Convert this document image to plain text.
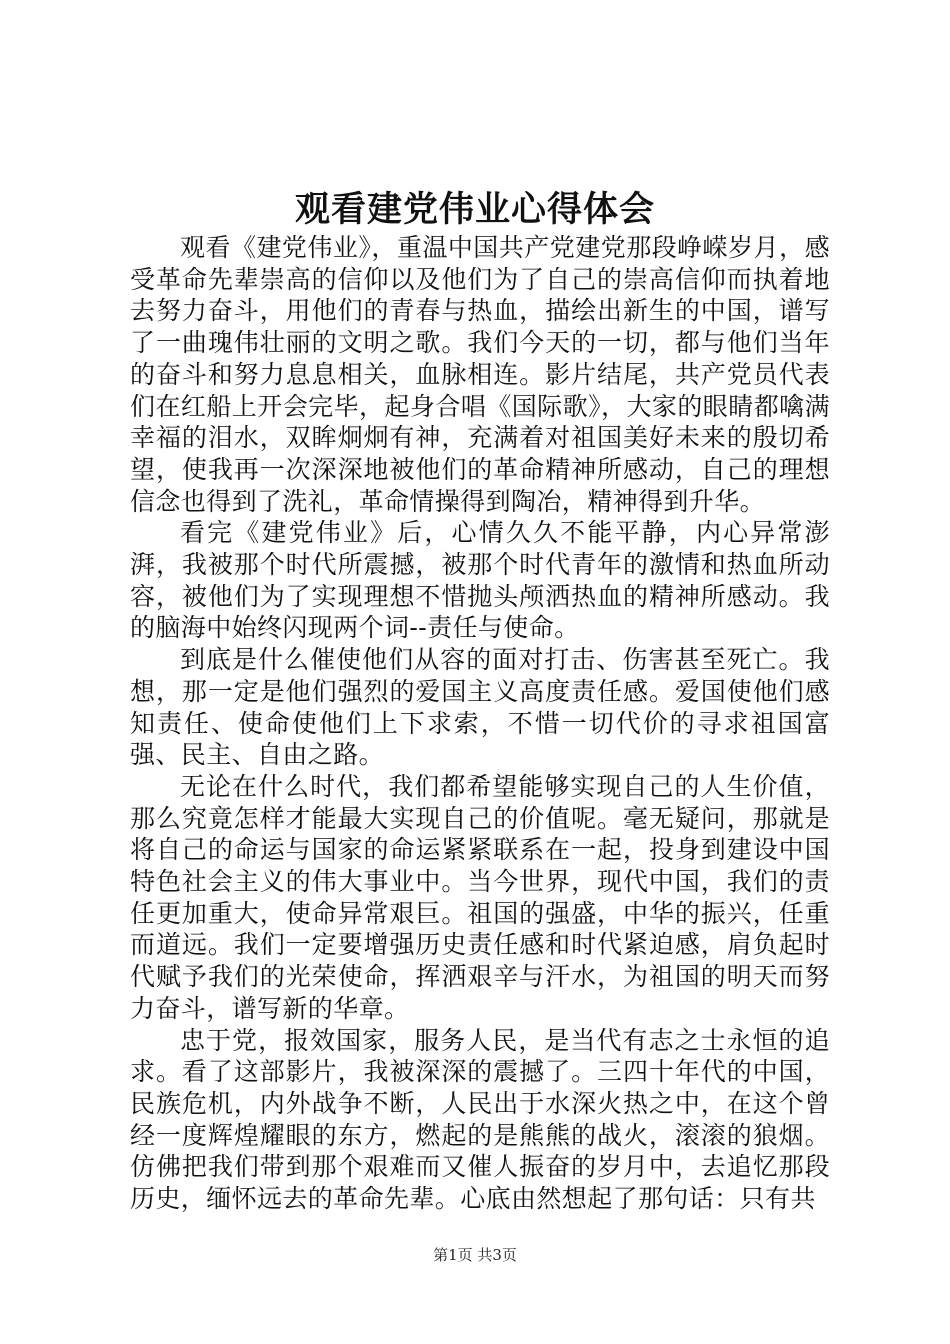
观看建党伟业心得体会

观看《建党伟业》，重温中国共产党建党那段峥嵘岁月，感受革命先辈崇高的信仰以及他们为了自己的崇高信仰而执着地去努力奋斗，用他们的青春与热血，描绘出新生的中国，谱写了一曲瑰伟壮丽的文明之歌。我们今天的一切，都与他们当年的奋斗和努力息息相关，血脉相连。影片结尾，共产党员代表们在红船上开会完毕，起身合唱《国际歌》，大家的眼睛都噙满幸福的泪水，双眸炯炯有神，充满着对祖国美好未来的殷切希望，使我再一次深深地被他们的革命精神所感动，自己的理想信念也得到了洗礼，革命情操得到陶冶，精神得到升华。

看完《建党伟业》后，心情久久不能平静，内心异常澎湃，我被那个时代所震撼，被那个时代青年的激情和热血所动容，被他们为了实现理想不惜抛头颅洒热血的精神所感动。我的脑海中始终闪现两个词--责任与使命。

到底是什么催使他们从容的面对打击、伤害甚至死亡。我想，那一定是他们强烈的爱国主义高度责任感。爱国使他们感知责任、使命使他们上下求索，不惜一切代价的寻求祖国富强、民主、自由之路。

无论在什么时代，我们都希望能够实现自己的人生价值，那么究竟怎样才能最大实现自己的价值呢。毫无疑问，那就是将自己的命运与国家的命运紧紧联系在一起，投身到建设中国特色社会主义的伟大事业中。当今世界，现代中国，我们的责任更加重大，使命异常艰巨。祖国的强盛，中华的振兴，任重而道远。我们一定要增强历史责任感和时代紧迫感，肩负起时代赋予我们的光荣使命，挥洒艰辛与汗水，为祖国的明天而努力奋斗，谱写新的华章。

忠于党，报效国家，服务人民，是当代有志之士永恒的追求。看了这部影片，我被深深的震撼了。三四十年代的中国，民族危机，内外战争不断，人民出于水深火热之中，在这个曾经一度辉煌耀眼的东方，燃起的是熊熊的战火，滚滚的狼烟。仿佛把我们带到那个艰难而又催人振奋的岁月中，去追忆那段历史，缅怀远去的革命先辈。心底由然想起了那句话：只有共

第1页 共3页
